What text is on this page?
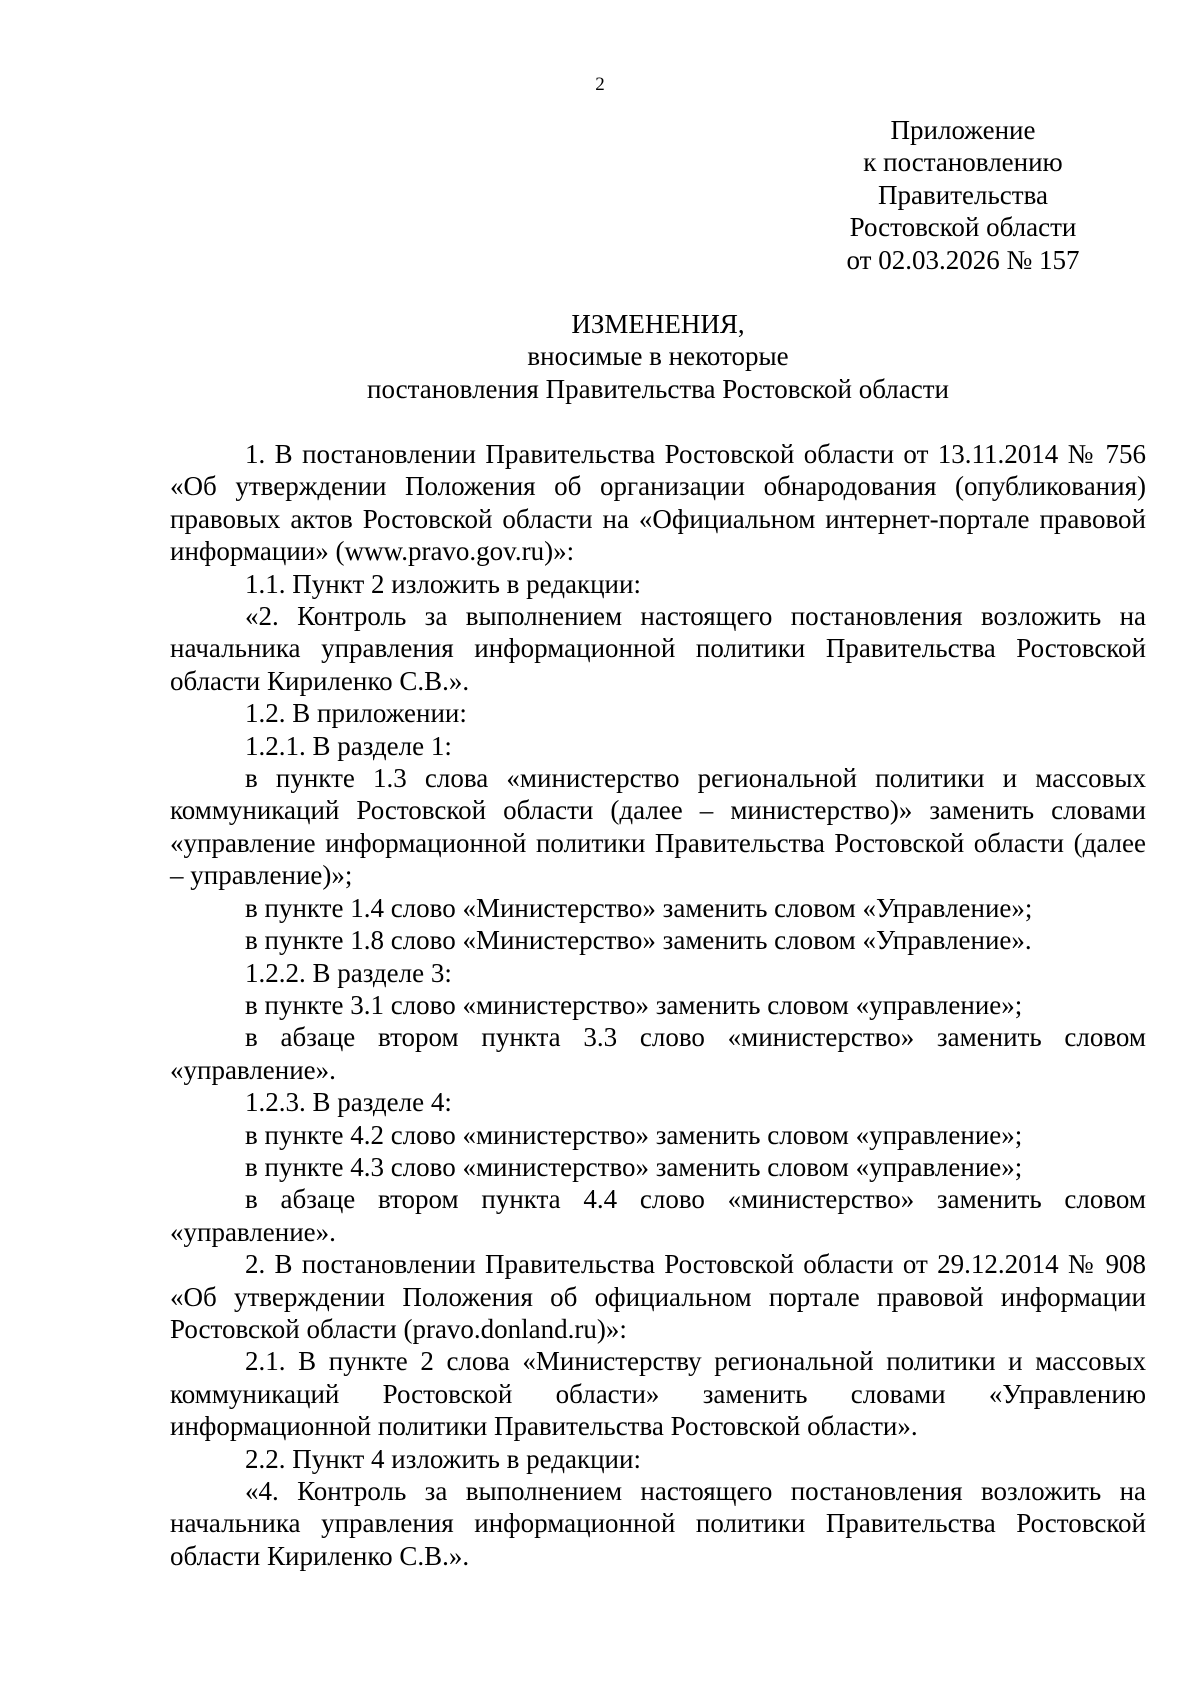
2
Приложение
к постановлению
Правительства
Ростовской области
от 02.03.2026 № 157
ИЗМЕНЕНИЯ,
вносимые в некоторые
постановления Правительства Ростовской области

1. В постановлении Правительства Ростовской области от 13.11.2014 № 756 «Об утверждении Положения об организации обнародования (опубликования) правовых актов Ростовской области на «Официальном интернет-портале правовой информации» (www.pravo.gov.ru)»:

1.1. Пункт 2 изложить в редакции:

«2. Контроль за выполнением настоящего постановления возложить на начальника управления информационной политики Правительства Ростовской области Кириленко С.В.».

1.2. В приложении:

1.2.1. В разделе 1:

в пункте 1.3 слова «министерство региональной политики и массовых коммуникаций Ростовской области (далее – министерство)» заменить словами «управление информационной политики Правительства Ростовской области (далее – управление)»;

в пункте 1.4 слово «Министерство» заменить словом «Управление»;

в пункте 1.8 слово «Министерство» заменить словом «Управление».

1.2.2. В разделе 3:

в пункте 3.1 слово «министерство» заменить словом «управление»;

в абзаце втором пункта 3.3 слово «министерство» заменить словом «управление».

1.2.3. В разделе 4:

в пункте 4.2 слово «министерство» заменить словом «управление»;

в пункте 4.3 слово «министерство» заменить словом «управление»;

в абзаце втором пункта 4.4 слово «министерство» заменить словом «управление».

2. В постановлении Правительства Ростовской области от 29.12.2014 № 908 «Об утверждении Положения об официальном портале правовой информации Ростовской области (pravo.donland.ru)»:

2.1. В пункте 2 слова «Министерству региональной политики и массовых коммуникаций Ростовской области» заменить словами «Управлению информационной политики Правительства Ростовской области».

2.2. Пункт 4 изложить в редакции:

«4. Контроль за выполнением настоящего постановления возложить на начальника управления информационной политики Правительства Ростовской области Кириленко С.В.».
